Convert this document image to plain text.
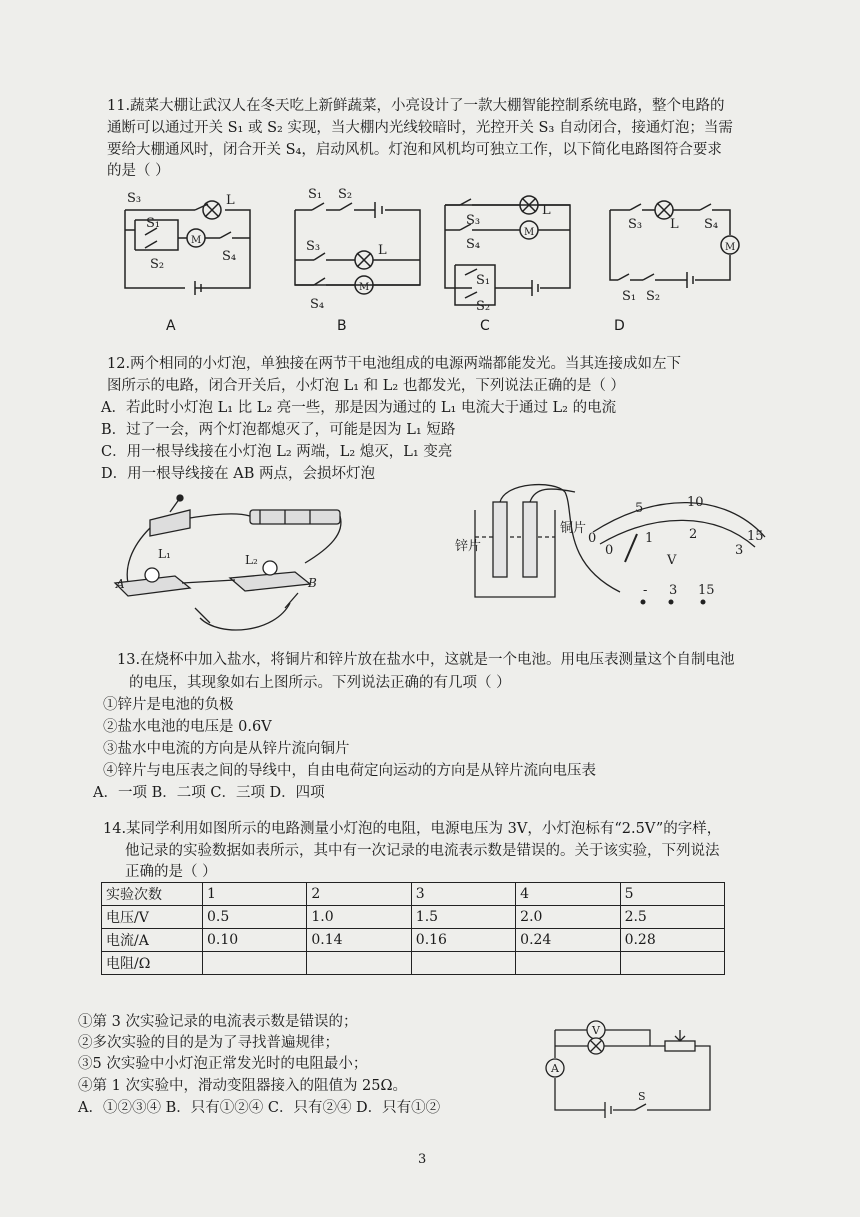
11.蔬菜大棚让武汉人在冬天吃上新鲜蔬菜，小亮设计了一款大棚智能控制系统电路，整个电路的
通断可以通过开关 S₁ 或 S₂ 实现，当大棚内光线较暗时，光控开关 S₃ 自动闭合，接通灯泡；当需
要给大棚通风时，闭合开关 S₄，启动风机。灯泡和风机均可独立工作，以下简化电路图符合要求
的是（ ）
S₃	L
S₁
M
S₂
S₄
S₁ S₂
S₃	L
M
S₄
S₃
L
M
S₄
S₁
S₂
S₃ L S₄
M
S₁ S₂
A	B	C	D
12.两个相同的小灯泡，单独接在两节干电池组成的电源两端都能发光。当其连接成如左下
图所示的电路，闭合开关后，小灯泡 L₁ 和 L₂ 也都发光，下列说法正确的是（ ）
A．若此时小灯泡 L₁ 比 L₂ 亮一些，那是因为通过的 L₁ 电流大于通过 L₂ 的电流
B．过了一会，两个灯泡都熄灭了，可能是因为 L₁ 短路
C．用一根导线接在小灯泡 L₂ 两端，L₂ 熄灭，L₁ 变亮
D．用一根导线接在 AB 两点，会损坏灯泡
L₁	L₂
A	B
锌片
铜片
0
5	10
15
0
1	2
3
V
- 3 15
13.在烧杯中加入盐水，将铜片和锌片放在盐水中，这就是一个电池。用电压表测量这个自制电池
的电压，其现象如右上图所示。下列说法正确的有几项（ ）
①锌片是电池的负极
②盐水电池的电压是 0.6V
③盐水中电流的方向是从锌片流向铜片
④锌片与电压表之间的导线中，自由电荷定向运动的方向是从锌片流向电压表
A．一项 B．二项 C．三项 D．四项
14.某同学利用如图所示的电路测量小灯泡的电阻，电源电压为 3V，小灯泡标有“2.5V”的字样，
他记录的实验数据如表所示，其中有一次记录的电流表示数是错误的。关于该实验，下列说法
正确的是（ ）
实验次数	1	2	3	4	5
电压/V	0.5	1.0	1.5	2.0	2.5
电流/A	0.10	0.14	0.16	0.24	0.28
电阻/Ω					
①第 3 次实验记录的电流表示数是错误的；
②多次实验的目的是为了寻找普遍规律；
③5 次实验中小灯泡正常发光时的电阻最小；
④第 1 次实验中，滑动变阻器接入的阻值为 25Ω。
A．①②③④ B．只有①②④ C．只有②④ D．只有①②
V
A
S
3
